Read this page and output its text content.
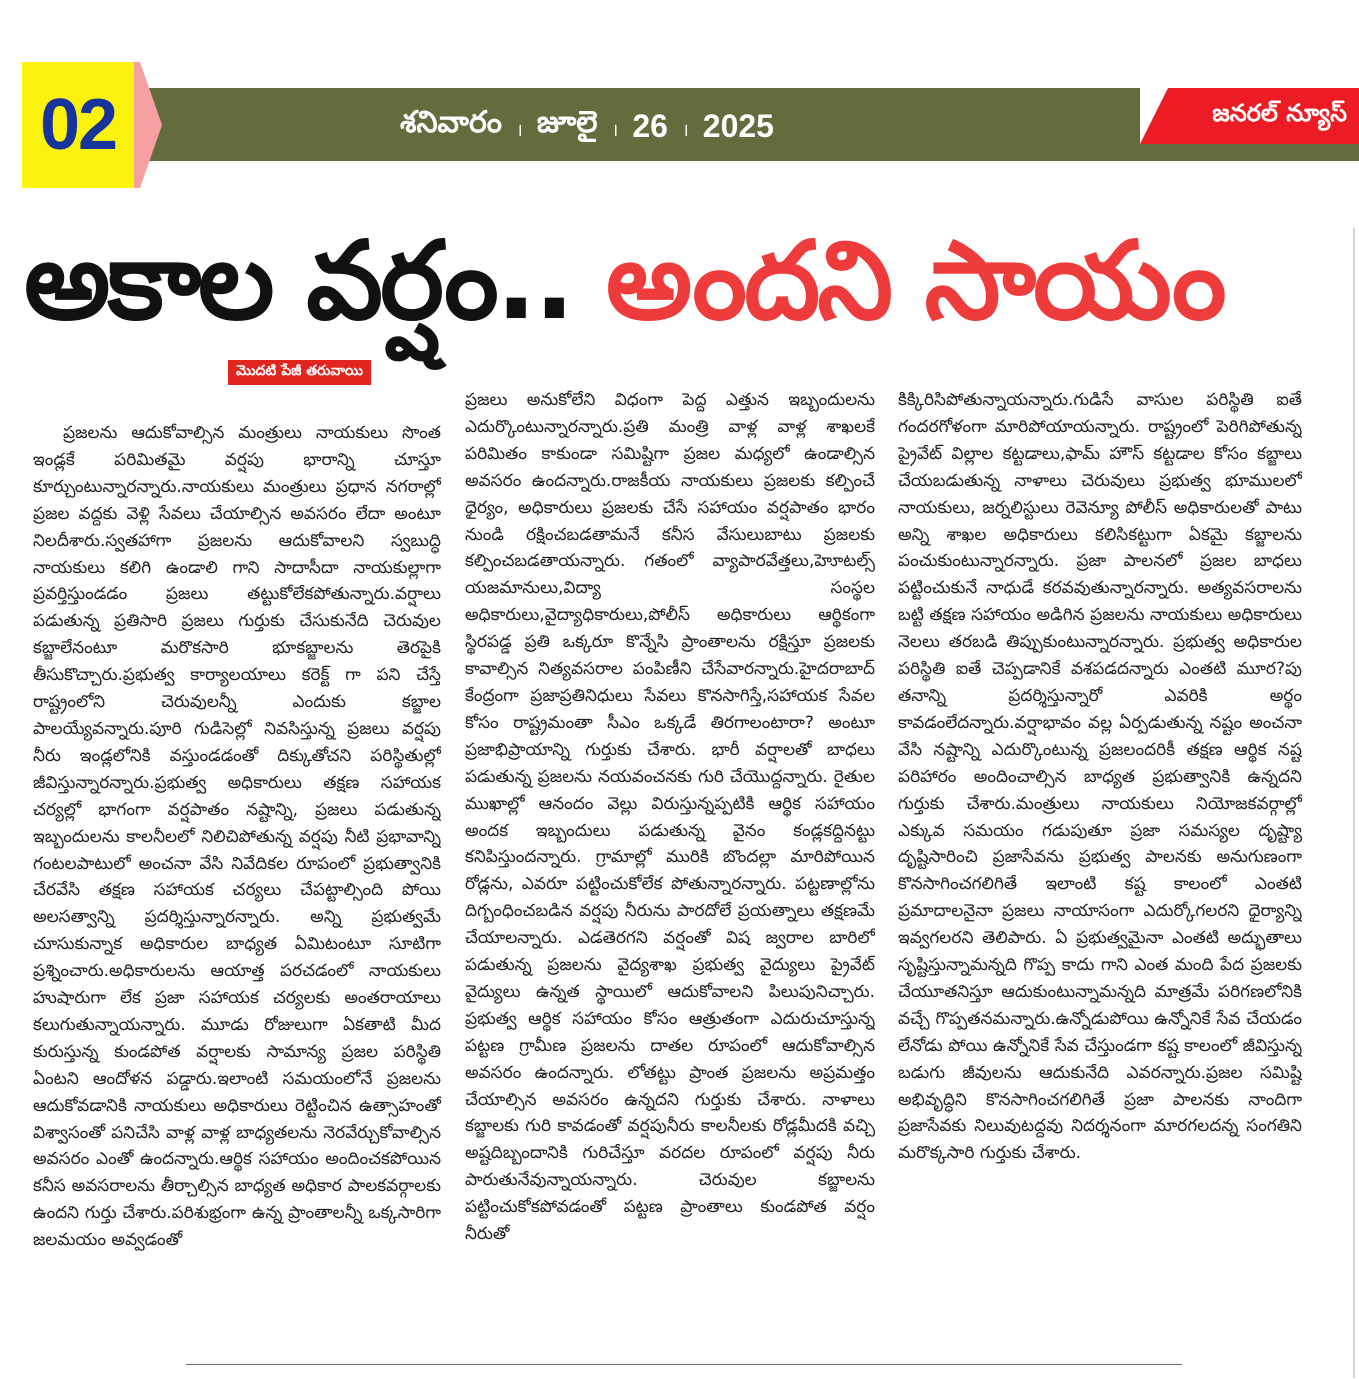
02	శనివారం । జూలై । 26 । 2025	జనరల్ న్యూస్
అకాల వర్షం.. అందని సాయం
మొదటి పేజీ తరువాయి

ప్రజలను ఆదుకోవాల్సిన మంత్రులు నాయకులు సొంత ఇండ్లకే పరిమితమై వర్షపు భారాన్ని చూస్తూ కూర్చుంటున్నారన్నారు.నాయకులు మంత్రులు ప్రధాన నగరాల్లో ప్రజల వద్దకు వెళ్లి సేవలు చేయాల్సిన అవసరం లేదా అంటూ నిలదీశారు.స్వతహాగా ప్రజలను ఆదుకోవాలని స్వబుద్ధి నాయకులు కలిగి ఉండాలి గాని సాదాసీదా నాయకుల్లాగా ప్రవర్తిస్తుండడం ప్రజలు తట్టుకోలేకపోతున్నారు.వర్షాలు పడుతున్న ప్రతిసారి ప్రజలు గుర్తుకు చేసుకునేది చెరువుల కబ్జాలేనంటూ మరొకసారి భూకబ్జాలను తెరపైకి తీసుకొచ్చారు.ప్రభుత్వ కార్యాలయాలు కరెక్ట్ గా పని చేస్తే రాష్ట్రంలోని చెరువులన్నీ ఎందుకు కబ్జాల పాలయ్యేవన్నారు.పూరి గుడిసెల్లో నివసిస్తున్న ప్రజలు వర్షపు నీరు ఇండ్లలోనికి వస్తుండడంతో దిక్కుతోచని పరిస్థితుల్లో జీవిస్తున్నారన్నారు.ప్రభుత్వ అధికారులు తక్షణ సహాయక చర్యల్లో భాగంగా వర్షపాతం నష్టాన్ని, ప్రజలు పడుతున్న ఇబ్బందులను కాలనీలలో నిలిచిపోతున్న వర్షపు నీటి ప్రభావాన్ని గంటలపాటులో అంచనా వేసి నివేదికల రూపంలో ప్రభుత్వానికి చేరవేసి తక్షణ సహాయక చర్యలు చేపట్టాల్సింది పోయి అలసత్వాన్ని ప్రదర్శిస్తున్నారన్నారు. అన్ని ప్రభుత్వమే చూసుకున్నాక అధికారుల బాధ్యత ఏమిటంటూ సూటిగా ప్రశ్నించారు.అధికారులను ఆయాత్త పరచడంలో నాయకులు హుషారుగా లేక ప్రజా సహాయక చర్యలకు అంతరాయాలు కలుగుతున్నాయన్నారు. మూడు రోజులుగా ఏకతాటి మీద కురుస్తున్న కుండపోత వర్షాలకు సామాన్య ప్రజల పరిస్థితి ఏంటని ఆందోళన పడ్డారు.ఇలాంటి సమయంలోనే ప్రజలను ఆదుకోవడానికి నాయకులు అధికారులు రెట్టించిన ఉత్సాహంతో విశ్వాసంతో పనిచేసి వాళ్ల వాళ్ల బాధ్యతలను నెరవేర్చుకోవాల్సిన అవసరం ఎంతో ఉందన్నారు.ఆర్థిక సహాయం అందించకపోయిన కనీస అవసరాలను తీర్చాల్సిన బాధ్యత అధికార పాలకవర్గాలకు ఉందని గుర్తు చేశారు.పరిశుభ్రంగా ఉన్న ప్రాంతాలన్నీ ఒక్కసారిగా జలమయం అవ్వడంతో

ప్రజలు అనుకోలేని విధంగా పెద్ద ఎత్తున ఇబ్బందులను ఎదుర్కొంటున్నారన్నారు.ప్రతి మంత్రి వాళ్ల వాళ్ల శాఖలకే పరిమితం కాకుండా సమిష్టిగా ప్రజల మధ్యలో ఉండాల్సిన అవసరం ఉందన్నారు.రాజకీయ నాయకులు ప్రజలకు కల్పించే ధైర్యం, అధికారులు ప్రజలకు చేసే సహాయం వర్షపాతం భారం నుండి రక్షించబడతామనే కనీస వేసులుబాటు ప్రజలకు కల్పించబడతాయన్నారు. గతంలో వ్యాపారవేత్తలు,హెూటల్స్ యజమానులు,విద్యా సంస్థల అధికారులు,వైద్యాధికారులు,పోలీస్ అధికారులు ఆర్థికంగా స్థిరపడ్డ ప్రతి ఒక్కరూ కొన్నేసి ప్రాంతాలను రక్షిస్తూ ప్రజలకు కావాల్సిన నిత్యవసరాల పంపిణీని చేసేవారన్నారు.హైదరాబాద్ కేంద్రంగా ప్రజాప్రతినిధులు సేవలు కొనసాగిస్తే,సహాయక సేవల కోసం రాష్ట్రమంతా సీఎం ఒక్కడే తిరగాలంటారా? అంటూ ప్రజాభిప్రాయాన్ని గుర్తుకు చేశారు. భారీ వర్షాలతో బాధలు పడుతున్న ప్రజలను నయవంచనకు గురి చేయొద్దన్నారు. రైతుల ముఖాల్లో ఆనందం వెల్లు విరుస్తున్నప్పటికి ఆర్థిక సహాయం అందక ఇబ్బందులు పడుతున్న వైనం కండ్లకద్దినట్టు కనిపిస్తుందన్నారు. గ్రామాల్లో మురికి బొందల్లా మారిపోయిన రోడ్లను, ఎవరూ పట్టించుకోలేక పోతున్నారన్నారు. పట్టణాల్లోను దిగ్బంధించబడిన వర్షపు నీరును పారదోలే ప్రయత్నాలు తక్షణమే చేయాలన్నారు. ఎడతెరగని వర్షంతో విష జ్వరాల బారిలో పడుతున్న ప్రజలను వైద్యశాఖ ప్రభుత్వ వైద్యులు ప్రైవేట్ వైద్యులు ఉన్నత స్థాయిలో ఆదుకోవాలని పిలుపునిచ్చారు. ప్రభుత్వ ఆర్థిక సహాయం కోసం ఆత్రుతంగా ఎదురుచూస్తున్న పట్టణ గ్రామీణ ప్రజలను దాతల రూపంలో ఆదుకోవాల్సిన అవసరం ఉందన్నారు. లోతట్టు ప్రాంత ప్రజలను అప్రమత్తం చేయాల్సిన అవసరం ఉన్నదని గుర్తుకు చేశారు. నాళాలు కబ్జాలకు గురి కావడంతో వర్షపునీరు కాలనీలకు రోడ్లమీదకి వచ్చి అష్టదిబ్బందానికి గురిచేస్తూ వరదల రూపంలో వర్షపు నీరు పారుతునేవున్నాయన్నారు. చెరువుల కబ్జాలను పట్టించుకోకపోవడంతో పట్టణ ప్రాంతాలు కుండపోత వర్షం నీరుతో

కిక్కిరిసిపోతున్నాయన్నారు.గుడిసే వాసుల పరిస్థితి ఐతే గందరగోళంగా మారిపోయాయన్నారు. రాష్ట్రంలో పెరిగిపోతున్న ప్రైవేట్ విల్లాల కట్టడాలు,ఫామ్ హౌస్ కట్టడాల కోసం కబ్జాలు చేయబడుతున్న నాళాలు చెరువులు ప్రభుత్వ భూములలో నాయకులు, జర్నలిస్టులు రెవెన్యూ పోలీస్ అధికారులతో పాటు అన్ని శాఖల అధికారులు కలిసికట్టుగా ఏకమై కబ్జాలను పంచుకుంటున్నారన్నారు. ప్రజా పాలనలో ప్రజల బాధలు పట్టించుకునే నాధుడే కరవవుతున్నారన్నారు. అత్యవసరాలను బట్టి తక్షణ సహాయం అడిగిన ప్రజలను నాయకులు అధికారులు నెలలు తరబడి తిప్పుకుంటున్నారన్నారు. ప్రభుత్వ అధికారుల పరిస్థితి ఐతే చెప్పడానికే వశపడదన్నారు ఎంతటి మూర?పు తనాన్ని ప్రదర్శిస్తున్నారో ఎవరికి అర్థం కావడంలేదన్నారు.వర్షాభావం వల్ల ఏర్పడుతున్న నష్టం అంచనా వేసి నష్టాన్ని ఎదుర్కొంటున్న ప్రజలందరికీ తక్షణ ఆర్థిక నష్ట పరిహారం అందించాల్సిన బాధ్యత ప్రభుత్వానికి ఉన్నదని గుర్తుకు చేశారు.మంత్రులు నాయకులు నియోజకవర్గాల్లో ఎక్కువ సమయం గడుపుతూ ప్రజా సమస్యల దృష్ట్యా దృష్టిసారించి ప్రజాసేవను ప్రభుత్వ పాలనకు అనుగుణంగా కొనసాగించగలిగితే ఇలాంటి కష్ట కాలంలో ఎంతటి ప్రమాదాలనైనా ప్రజలు నాయాసంగా ఎదుర్కోగలరని ధైర్యాన్ని ఇవ్వగలరని తెలిపారు. ఏ ప్రభుత్వమైనా ఎంతటి అద్భుతాలు సృష్టిస్తున్నామన్నది గొప్ప కాదు గాని ఎంత మంది పేద ప్రజలకు చేయూతనిస్తూ ఆదుకుంటున్నామన్నది మాత్రమే పరిగణలోనికి వచ్చే గొప్పతనమన్నారు.ఉన్నోడుపోయి ఉన్నోనికే సేవ చేయడం లేనోడు పోయి ఉన్నోనికే సేవ చేస్తుండగా కష్ట కాలంలో జీవిస్తున్న బడుగు జీవులను ఆదుకునేది ఎవరన్నారు.ప్రజల సమిష్టి అభివృద్ధిని కొనసాగించగలిగితే ప్రజా పాలనకు నాందిగా ప్రజాసేవకు నిలువుటద్దవు నిదర్శనంగా మారగలదన్న సంగతిని మరొక్కసారి గుర్తుకు చేశారు.
